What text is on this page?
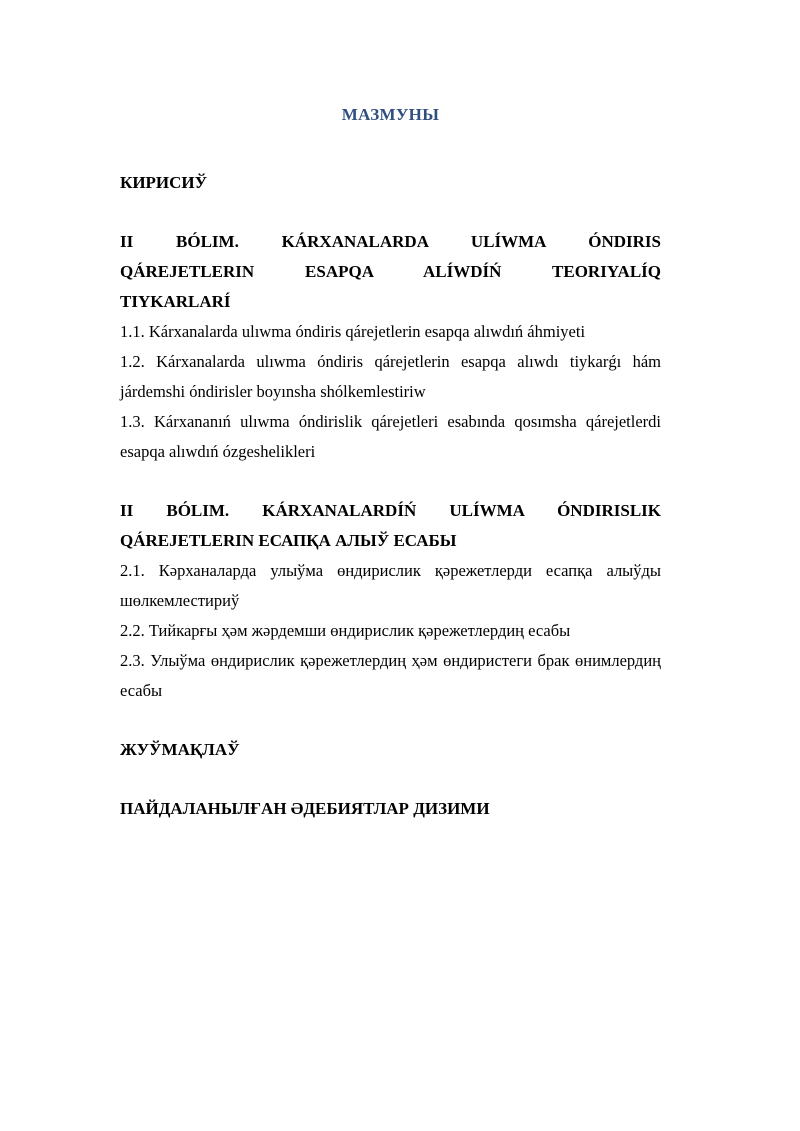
МАЗМУНЫ

КИРИСИЎ

II BÓLIM. KÁRXANALARDA ULÍWMA ÓNDIRIS

QÁREJETLERIN ESAPQA ALÍWDÍŃ TEORIYALÍQ

TIYKARLARÍ

1.1. Kárxanalarda ulıwma óndiris qárejetlerin esapqa alıwdıń áhmiyeti

1.2. Kárxanalarda ulıwma óndiris qárejetlerin esapqa alıwdı tiykarǵı hám járdemshi óndirisler boyınsha shólkemlestiriw

1.3. Kárxananıń ulıwma óndirislik qárejetleri esabında qosımsha qárejetlerdi esapqa alıwdıń ózgeshelikleri

II BÓLIM. KÁRXANALARDÍŃ ULÍWMA ÓNDIRISLIK

QÁREJETLERIN ЕСАПҚА АЛЫЎ ЕСАБЫ

2.1. Кәрханаларда улыўма өндирислик қәрежетлерди есапқа алыўды шөлкемлестириў

2.2. Тийкарғы ҳәм жәрдемши өндирислик қәрежетлердиң есабы

2.3. Улыўма өндирислик қәрежетлердиң ҳәм өндиристеги брак өнимлердиң есабы

ЖУЎМАҚЛАЎ

ПАЙДАЛАНЫЛҒАН ӘДЕБИЯТЛАР ДИЗИМИ
